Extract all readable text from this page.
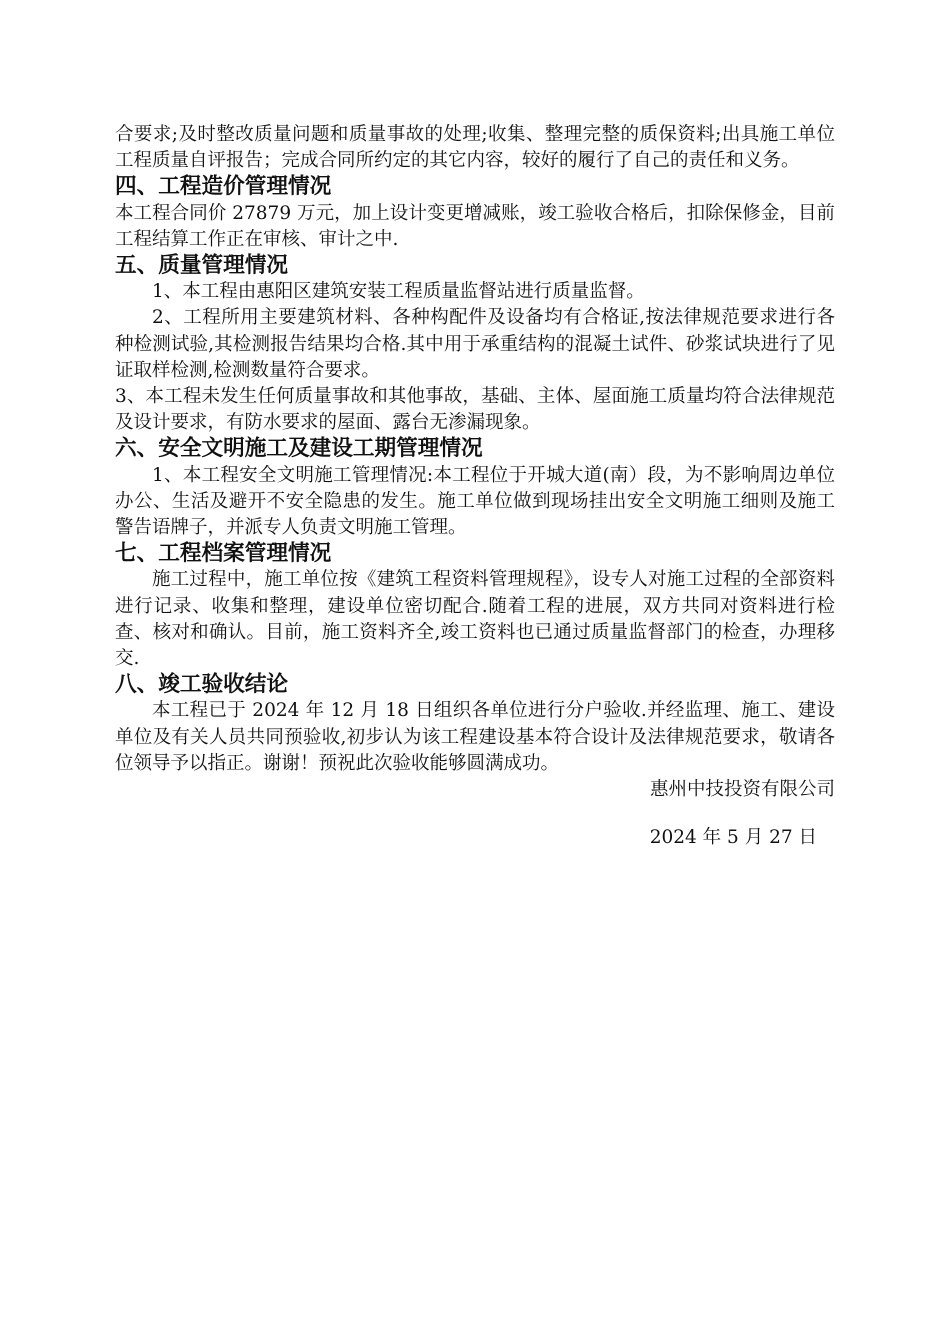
合要求;及时整改质量问题和质量事故的处理;收集、整理完整的质保资料;出具施工单位工程质量自评报告；完成合同所约定的其它内容，较好的履行了自己的责任和义务。

四、工程造价管理情况

本工程合同价 27879 万元，加上设计变更增减账，竣工验收合格后，扣除保修金，目前工程结算工作正在审核、审计之中.

五、质量管理情况

1、本工程由惠阳区建筑安装工程质量监督站进行质量监督。

2、工程所用主要建筑材料、各种构配件及设备均有合格证,按法律规范要求进行各种检测试验,其检测报告结果均合格.其中用于承重结构的混凝土试件、砂浆试块进行了见证取样检测,检测数量符合要求。

3、本工程未发生任何质量事故和其他事故，基础、主体、屋面施工质量均符合法律规范及设计要求，有防水要求的屋面、露台无渗漏现象。

六、安全文明施工及建设工期管理情况

1、本工程安全文明施工管理情况:本工程位于开城大道(南）段，为不影响周边单位办公、生活及避开不安全隐患的发生。施工单位做到现场挂出安全文明施工细则及施工警告语牌子，并派专人负责文明施工管理。

七、工程档案管理情况

施工过程中，施工单位按《建筑工程资料管理规程》，设专人对施工过程的全部资料进行记录、收集和整理，建设单位密切配合.随着工程的进展，双方共同对资料进行检查、核对和确认。目前，施工资料齐全,竣工资料也已通过质量监督部门的检查，办理移交.

八、竣工验收结论

本工程已于 2024 年 12 月 18 日组织各单位进行分户验收.并经监理、施工、建设单位及有关人员共同预验收,初步认为该工程建设基本符合设计及法律规范要求，敬请各位领导予以指正。谢谢！预祝此次验收能够圆满成功。

惠州中技投资有限公司

2024 年 5 月 27 日
